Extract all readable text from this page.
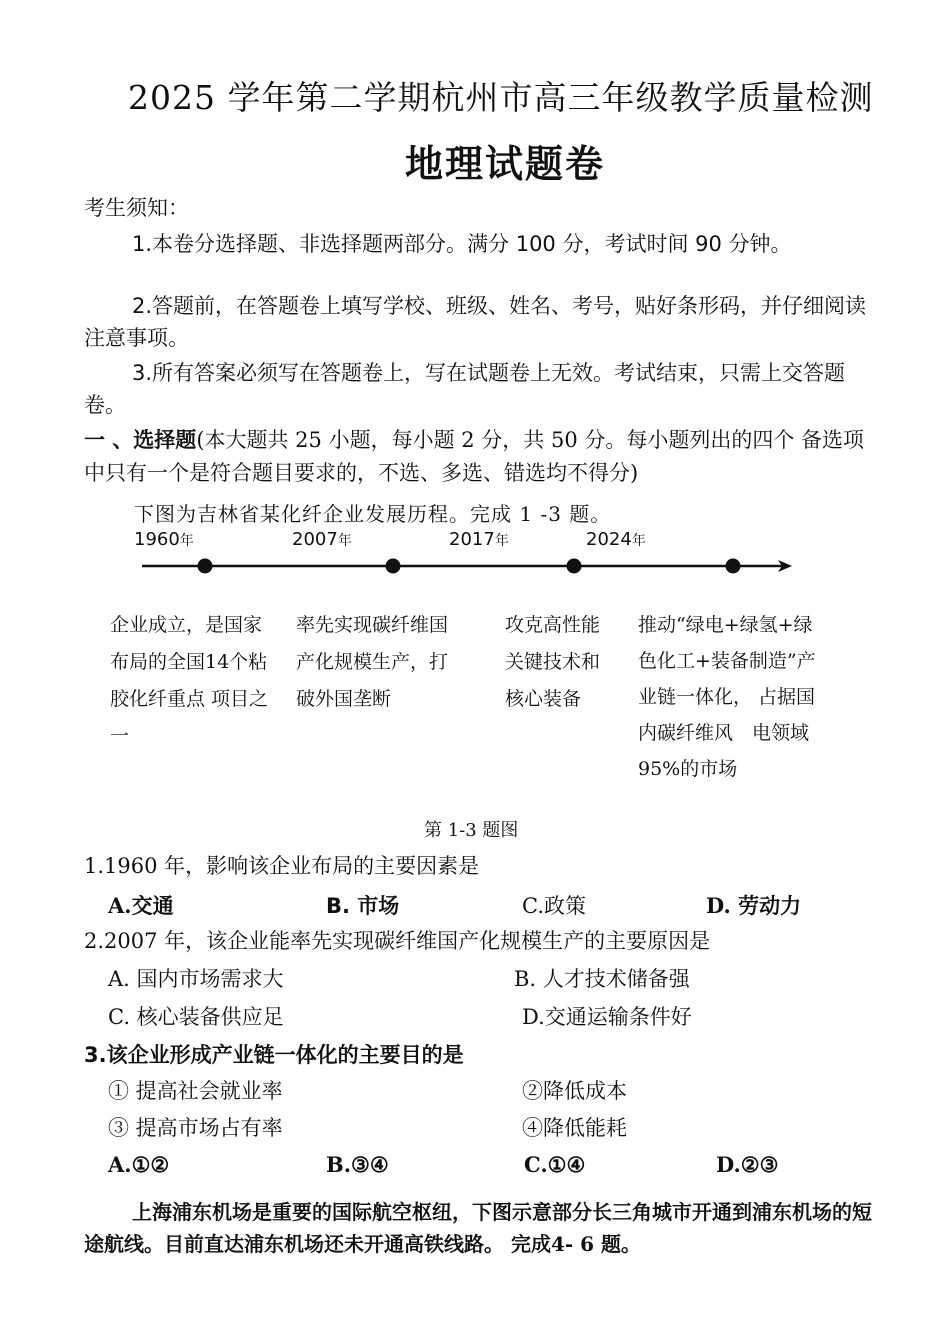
2025 学年第二学期杭州市高三年级教学质量检测
地理试题卷
考生须知：
1.本卷分选择题、非选择题两部分。满分 100 分，考试时间 90 分钟。
2.答题前，在答题卷上填写学校、班级、姓名、考号，贴好条形码，并仔细阅读注意事项。
3.所有答案必须写在答题卷上，写在试题卷上无效。考试结束，只需上交答题卷。
一 、选择题(本大题共 25 小题，每小题 2 分，共 50 分。每小题列出的四个 备选项中只有一个是符合题目要求的，不选、多选、错选均不得分)
下图为吉林省某化纤企业发展历程。完成 1 -3 题。
1960年	2007年	2017年	2024年
企业成立，是国家布局的全国14个粘胶化纤重点 项目之一
率先实现碳纤维国产化规模生产，打破外国垄断
攻克高性能关键技术和核心装备
推动“绿电+绿氢+绿色化工+装备制造”产业链一体化， 占据国内碳纤维风　电领域 95%的市场
第 1-3 题图
1.1960 年，影响该企业布局的主要因素是
A.交通	B. 市场	C.政策	D. 劳动力
2.2007 年，该企业能率先实现碳纤维国产化规模生产的主要原因是
A. 国内市场需求大	B. 人才技术储备强
C. 核心装备供应足	D.交通运输条件好
3.该企业形成产业链一体化的主要目的是
① 提高社会就业率	②降低成本
③ 提高市场占有率	④降低能耗
A.①②	B.③④	C.①④	D.②③
上海浦东机场是重要的国际航空枢纽，下图示意部分长三角城市开通到浦东机场的短途航线。目前直达浦东机场还未开通高铁线路。 完成4- 6 题。
